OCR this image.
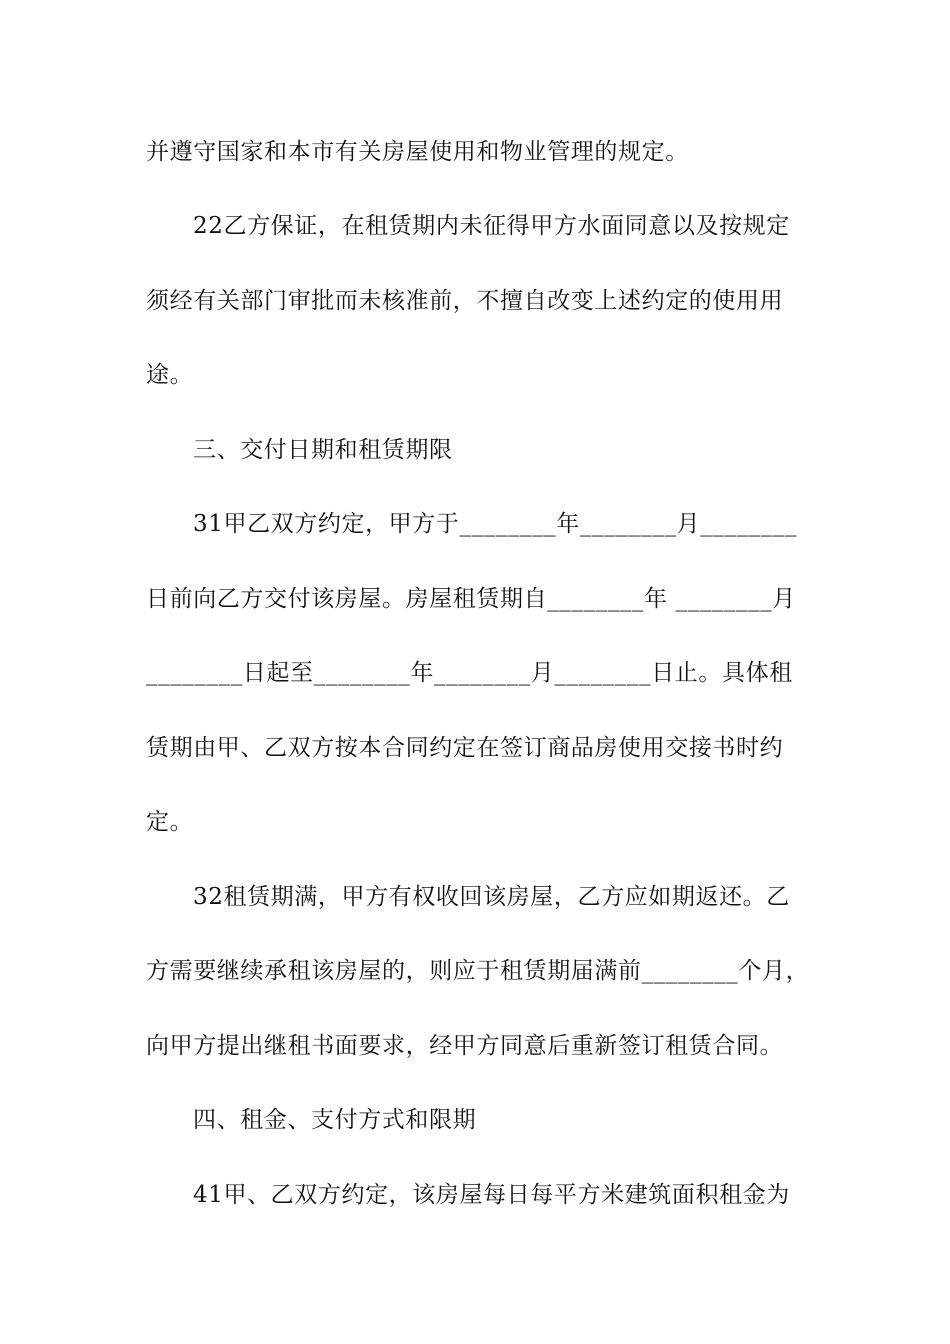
并遵守国家和本市有关房屋使用和物业管理的规定。
22乙方保证，在租赁期内未征得甲方水面同意以及按规定
须经有关部门审批而未核准前，不擅自改变上述约定的使用用
途。
三、交付日期和租赁期限
31甲乙双方约定，甲方于________年________月________
日前向乙方交付该房屋。房屋租赁期自________年 ________月
________日起至________年________月________日止。具体租
赁期由甲、乙双方按本合同约定在签订商品房使用交接书时约
定。
32租赁期满，甲方有权收回该房屋，乙方应如期返还。乙
方需要继续承租该房屋的，则应于租赁期届满前________个月，
向甲方提出继租书面要求，经甲方同意后重新签订租赁合同。
四、租金、支付方式和限期
41甲、乙双方约定，该房屋每日每平方米建筑面积租金为
